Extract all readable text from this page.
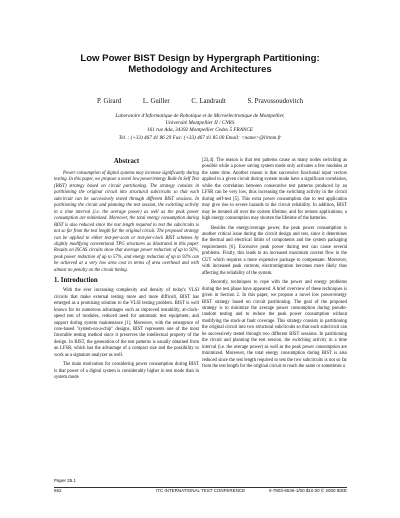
Low Power BIST Design by Hypergraph Partitioning:
Methodology and Architectures
P. Girard	L. Guiller	C. Landrault	S. Pravossoudovitch
Laboratoire d'Informatique de Robotique et de Microélectronique de Montpellier,
Université Montpellier II / CNRS
161 rue Ada, 34392 Montpellier Cedex 5 FRANCE
Tel. : (+33) 467 41 86 29 Fax: (+33) 467 41 85 00 Email: <name>@lirmm.fr
Abstract

Power consumption of digital systems may increase significantly during testing. In this paper, we propose a novel low power/energy Built-In Self Test (BIST) strategy based on circuit partitioning. The strategy consists in partitioning the original circuit into structural subcircuits so that each subcircuit can be successively tested through different BIST sessions. In partitioning the circuit and planning the test session, the switching activity in a time interval (i.e. the average power) as well as the peak power consumption are minimized. Moreover, the total energy consumption during BIST is also reduced since the test length required to test the subcircuits is not so far from the test length for the original circuit. The proposed strategy can be applied to either test-per-scan or test-per-clock BIST schemes by slightly modifying conventional TPG structures as illustrated in this paper. Results on ISCAS circuits show that average power reduction of up to 92%, peak power reduction of up to 57%, and energy reduction of up to 92% can be achieved at a very low area cost in terms of area overhead and with almost no penalty on the circuit timing.

1. Introduction

With the ever increasing complexity and density of today's VLSI circuits that make external testing more and more difficult, BIST has emerged as a promising solution to the VLSI testing problem. BIST is well known for its numerous advantages such as improved testability, at-clock-speed test of modules, reduced need for automatic test equipment, and support during system maintenance [1]. Moreover, with the emergence of core-based "system-on-a-chip" designs, BIST represents one of the most favorable testing method since it preserves the intellectual property of the design. In BIST, the generation of the test patterns is usually obtained from an LFSR, which has the advantage of a compact size and the possibility to work as a signature analyzer as well.

The main motivation for considering power consumption during BIST is that power of a digital system is considerably higher in test mode than in system mode

[23,4]. The reason is that test patterns cause as many nodes switching as possible while a power saving system mode only activates a few modules at the same time. Another reason is that successive functional input vectors applied to a given circuit during system mode have a significant correlation, while the correlation between consecutive test patterns produced by an LFSR can be very low, thus increasing the switching activity in the circuit during self-test [5]. This extra power consumption due to test application may give rise to severe hazards to the circuit reliability. In addition, BIST may be iterated all over the system lifetime, and for remote applications, a high energy consumption may shorten the lifetime of the batteries.

Besides the energy/average power, the peak power consumption is another critical issue during the circuit design and test, since it determines the thermal and electrical limits of components and the system packaging requirements [6]. Excessive peak power during test can cause several problems. Firstly, this leads to an increased maximum current flow in the CUT which requires a more expensive package to compensate. Moreover, with increased peak currents, electromigration becomes more likely thus affecting the reliability of the system.

Recently, techniques to cope with the power and energy problems during the test phase have appeared. A brief overview of these techniques is given in Section 2. In this paper, we propose a novel low power/energy BIST strategy based on circuit partitioning. The goal of the proposed strategy is to minimize the average power consumption during pseudo-random testing and to reduce the peak power consumption without modifying the stuck-at fault coverage. This strategy consists in partitioning the original circuit into two structural subcircuits so that each subcircuit can be successively tested through two different BIST sessions. In partitioning the circuit and planning the test session, the switching activity in a time interval (i.e. the average power) as well as the peak power consumption are minimized. Moreover, the total energy consumption during BIST is also reduced since the test length required to test the two subcircuits is not so far from the test length for the original circuit to reach the same or sometimes a

Paper 25.1
652	ITC INTERNATIONAL TEST CONFERENCE	0-7803-6546-1/00 $10.00 © 2000 IEEE
